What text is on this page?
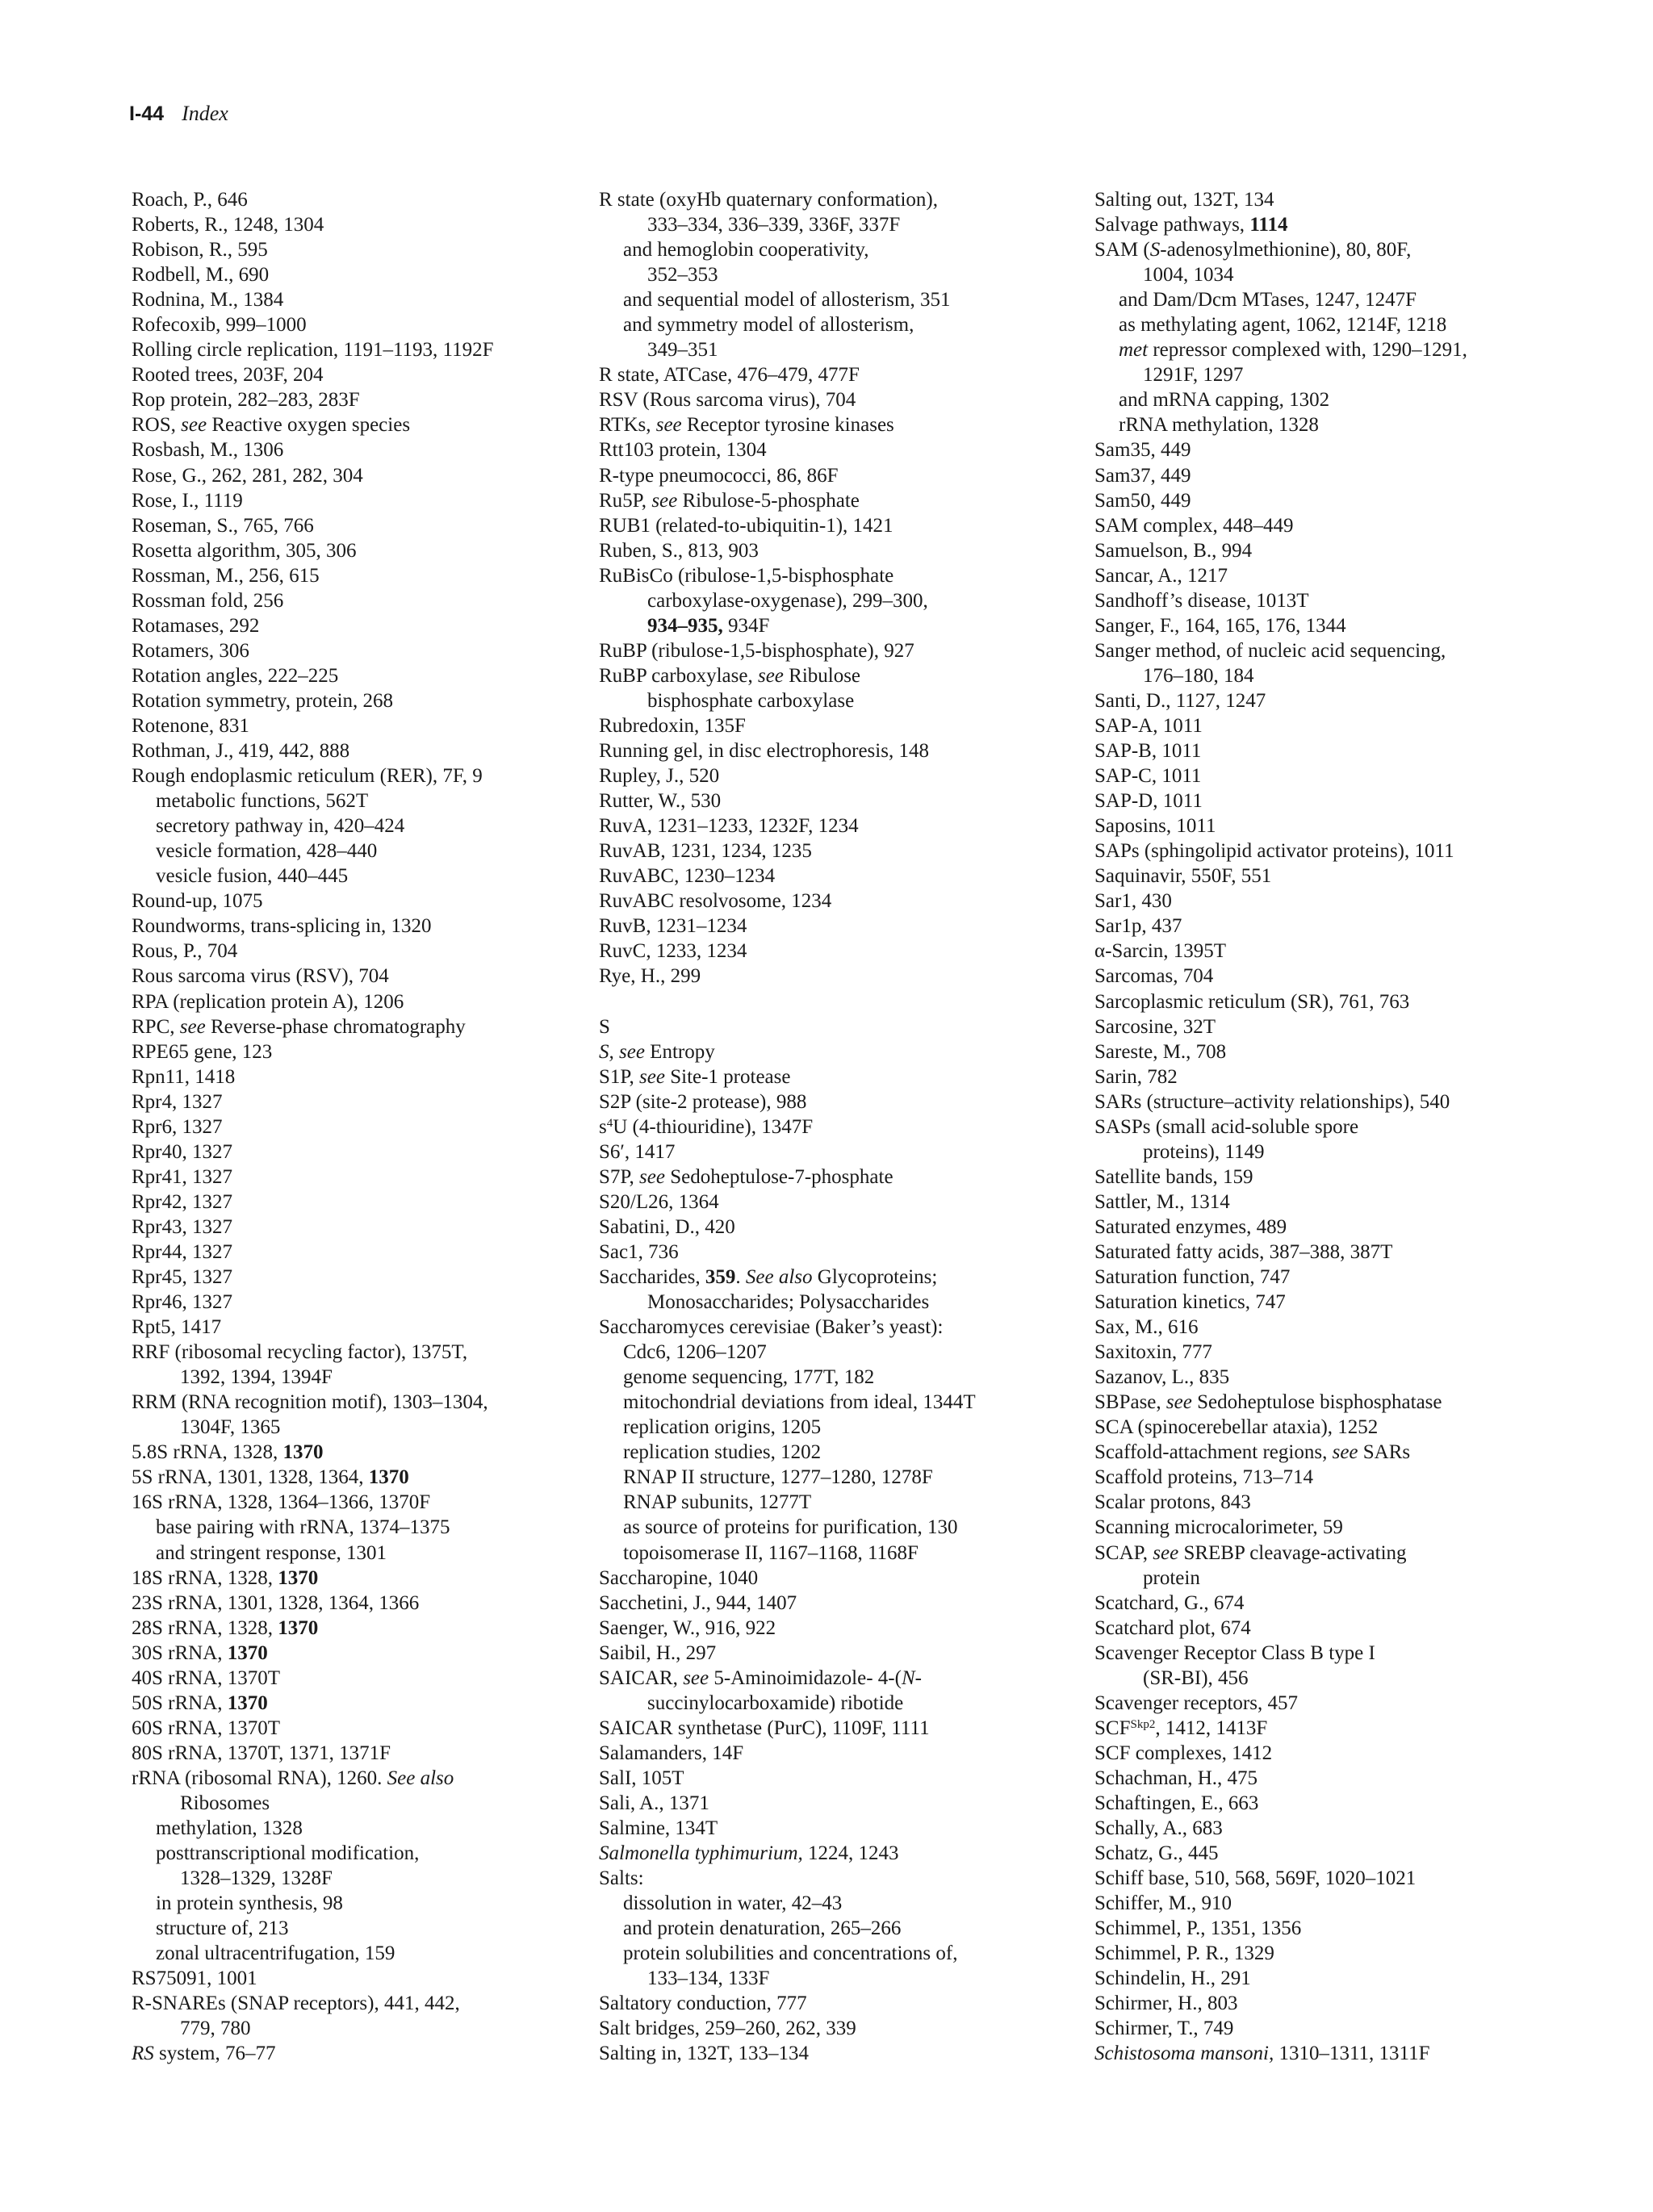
I-44 Index
Roach, P., 646
Roberts, R., 1248, 1304
Robison, R., 595
Rodbell, M., 690
Rodnina, M., 1384
Rofecoxib, 999–1000
Rolling circle replication, 1191–1193, 1192F
Rooted trees, 203F, 204
Rop protein, 282–283, 283F
ROS, see Reactive oxygen species
Rosbash, M., 1306
Rose, G., 262, 281, 282, 304
Rose, I., 1119
Roseman, S., 765, 766
Rosetta algorithm, 305, 306
Rossman, M., 256, 615
Rossman fold, 256
Rotamases, 292
Rotamers, 306
Rotation angles, 222–225
Rotation symmetry, protein, 268
Rotenone, 831
Rothman, J., 419, 442, 888
Rough endoplasmic reticulum (RER), 7F, 9
metabolic functions, 562T
secretory pathway in, 420–424
vesicle formation, 428–440
vesicle fusion, 440–445
Round-up, 1075
Roundworms, trans-splicing in, 1320
Rous, P., 704
Rous sarcoma virus (RSV), 704
RPA (replication protein A), 1206
RPC, see Reverse-phase chromatography
RPE65 gene, 123
Rpn11, 1418
Rpr4, 1327
Rpr6, 1327
Rpr40, 1327
Rpr41, 1327
Rpr42, 1327
Rpr43, 1327
Rpr44, 1327
Rpr45, 1327
Rpr46, 1327
Rpt5, 1417
RRF (ribosomal recycling factor), 1375T,
1392, 1394, 1394F
RRM (RNA recognition motif), 1303–1304,
1304F, 1365
5.8S rRNA, 1328, 1370
5S rRNA, 1301, 1328, 1364, 1370
16S rRNA, 1328, 1364–1366, 1370F
base pairing with rRNA, 1374–1375
and stringent response, 1301
18S rRNA, 1328, 1370
23S rRNA, 1301, 1328, 1364, 1366
28S rRNA, 1328, 1370
30S rRNA, 1370
40S rRNA, 1370T
50S rRNA, 1370
60S rRNA, 1370T
80S rRNA, 1370T, 1371, 1371F
rRNA (ribosomal RNA), 1260. See also
Ribosomes
methylation, 1328
posttranscriptional modification,
1328–1329, 1328F
in protein synthesis, 98
structure of, 213
zonal ultracentrifugation, 159
RS75091, 1001
R-SNAREs (SNAP receptors), 441, 442,
779, 780
RS system, 76–77
R state (oxyHb quaternary conformation),
333–334, 336–339, 336F, 337F
and hemoglobin cooperativity,
352–353
and sequential model of allosterism, 351
and symmetry model of allosterism,
349–351
R state, ATCase, 476–479, 477F
RSV (Rous sarcoma virus), 704
RTKs, see Receptor tyrosine kinases
Rtt103 protein, 1304
R-type pneumococci, 86, 86F
Ru5P, see Ribulose-5-phosphate
RUB1 (related-to-ubiquitin-1), 1421
Ruben, S., 813, 903
RuBisCo (ribulose-1,5-bisphosphate
carboxylase-oxygenase), 299–300,
934–935, 934F
RuBP (ribulose-1,5-bisphosphate), 927
RuBP carboxylase, see Ribulose
bisphosphate carboxylase
Rubredoxin, 135F
Running gel, in disc electrophoresis, 148
Rupley, J., 520
Rutter, W., 530
RuvA, 1231–1233, 1232F, 1234
RuvAB, 1231, 1234, 1235
RuvABC, 1230–1234
RuvABC resolvosome, 1234
RuvB, 1231–1234
RuvC, 1233, 1234
Rye, H., 299
S
S, see Entropy
S1P, see Site-1 protease
S2P (site-2 protease), 988
$s^4U$ (4-thiouridine), 1347F
S6′, 1417
S7P, see Sedoheptulose-7-phosphate
S20/L26, 1364
Sabatini, D., 420
Sac1, 736
Saccharides, 359. See also Glycoproteins;
Monosaccharides; Polysaccharides
Saccharomyces cerevisiae (Baker’s yeast):
Cdc6, 1206–1207
genome sequencing, 177T, 182
mitochondrial deviations from ideal, 1344T
replication origins, 1205
replication studies, 1202
RNAP II structure, 1277–1280, 1278F
RNAP subunits, 1277T
as source of proteins for purification, 130
topoisomerase II, 1167–1168, 1168F
Saccharopine, 1040
Sacchetini, J., 944, 1407
Saenger, W., 916, 922
Saibil, H., 297
SAICAR, see 5-Aminoimidazole- 4-(N-
succinylocarboxamide) ribotide
SAICAR synthetase (PurC), 1109F, 1111
Salamanders, 14F
SalI, 105T
Sali, A., 1371
Salmine, 134T
Salmonella typhimurium, 1224, 1243
Salts:
dissolution in water, 42–43
and protein denaturation, 265–266
protein solubilities and concentrations of,
133–134, 133F
Saltatory conduction, 777
Salt bridges, 259–260, 262, 339
Salting in, 132T, 133–134
Salting out, 132T, 134
Salvage pathways, 1114
SAM (S-adenosylmethionine), 80, 80F,
1004, 1034
and Dam/Dcm MTases, 1247, 1247F
as methylating agent, 1062, 1214F, 1218
met repressor complexed with, 1290–1291,
1291F, 1297
and mRNA capping, 1302
rRNA methylation, 1328
Sam35, 449
Sam37, 449
Sam50, 449
SAM complex, 448–449
Samuelson, B., 994
Sancar, A., 1217
Sandhoff’s disease, 1013T
Sanger, F., 164, 165, 176, 1344
Sanger method, of nucleic acid sequencing,
176–180, 184
Santi, D., 1127, 1247
SAP-A, 1011
SAP-B, 1011
SAP-C, 1011
SAP-D, 1011
Saposins, 1011
SAPs (sphingolipid activator proteins), 1011
Saquinavir, 550F, 551
Sar1, 430
Sar1p, 437
α-Sarcin, 1395T
Sarcomas, 704
Sarcoplasmic reticulum (SR), 761, 763
Sarcosine, 32T
Sareste, M., 708
Sarin, 782
SARs (structure–activity relationships), 540
SASPs (small acid-soluble spore
proteins), 1149
Satellite bands, 159
Sattler, M., 1314
Saturated enzymes, 489
Saturated fatty acids, 387–388, 387T
Saturation function, 747
Saturation kinetics, 747
Sax, M., 616
Saxitoxin, 777
Sazanov, L., 835
SBPase, see Sedoheptulose bisphosphatase
SCA (spinocerebellar ataxia), 1252
Scaffold-attachment regions, see SARs
Scaffold proteins, 713–714
Scalar protons, 843
Scanning microcalorimeter, 59
SCAP, see SREBP cleavage-activating
protein
Scatchard, G., 674
Scatchard plot, 674
Scavenger Receptor Class B type I
(SR-BI), 456
Scavenger receptors, 457
$SCF^{Skp2}$, 1412, 1413F
SCF complexes, 1412
Schachman, H., 475
Schaftingen, E., 663
Schally, A., 683
Schatz, G., 445
Schiff base, 510, 568, 569F, 1020–1021
Schiffer, M., 910
Schimmel, P., 1351, 1356
Schimmel, P. R., 1329
Schindelin, H., 291
Schirmer, H., 803
Schirmer, T., 749
Schistosoma mansoni, 1310–1311, 1311F
